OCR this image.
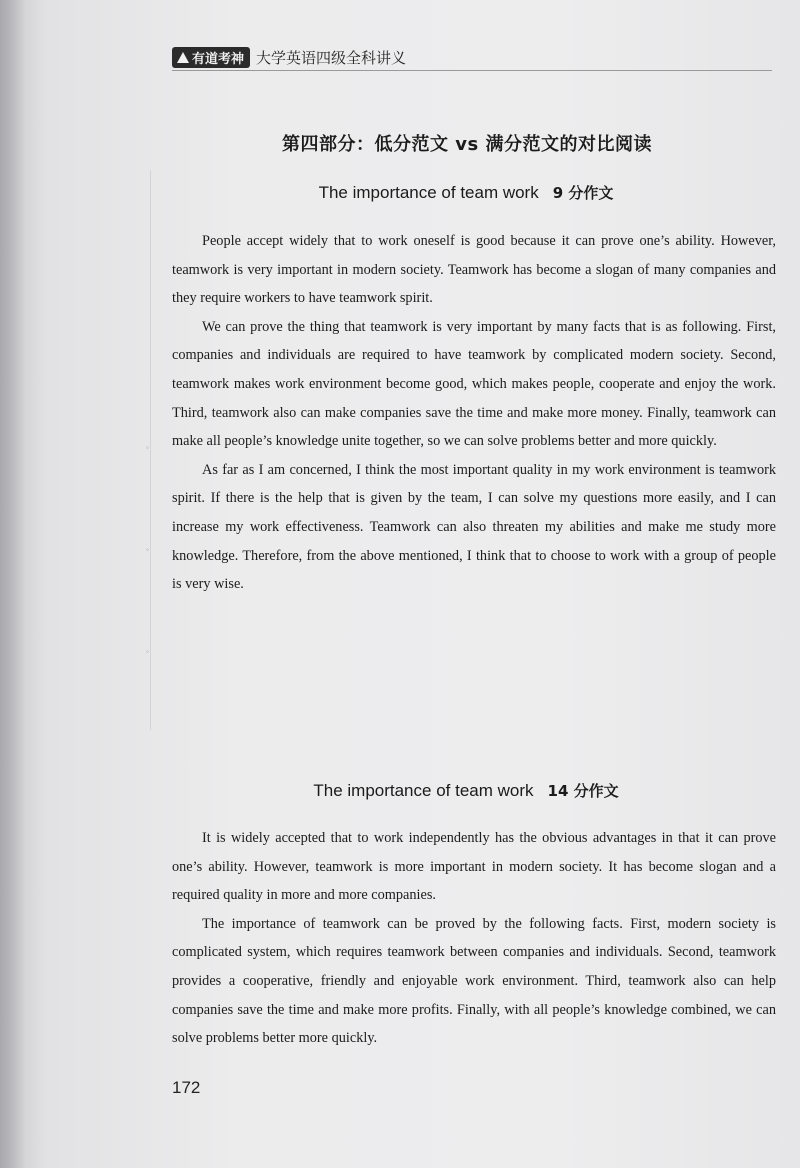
有道考神 大学英语四级全科讲义
第四部分：低分范文 vs 满分范文的对比阅读
The importance of team work 9 分作文

People accept widely that to work oneself is good because it can prove one’s ability. However, teamwork is very important in modern society. Teamwork has become a slogan of many companies and they require workers to have teamwork spirit.

We can prove the thing that teamwork is very important by many facts that is as following. First, companies and individuals are required to have teamwork by complicated modern society. Second, teamwork makes work environment become good, which makes people, cooperate and enjoy the work. Third, teamwork also can make companies save the time and make more money. Finally, teamwork can make all people’s knowledge unite together, so we can solve problems better and more quickly.

As far as I am concerned, I think the most important quality in my work environment is teamwork spirit. If there is the help that is given by the team, I can solve my questions more easily, and I can increase my work effectiveness. Teamwork can also threaten my abilities and make me study more knowledge. Therefore, from the above mentioned, I think that to choose to work with a group of people is very wise.

◦
◦
◦
The importance of team work 14 分作文

It is widely accepted that to work independently has the obvious advantages in that it can prove one’s ability. However, teamwork is more important in modern society. It has become slogan and a required quality in more and more companies.

The importance of teamwork can be proved by the following facts. First, modern society is complicated system, which requires teamwork between companies and individuals. Second, teamwork provides a cooperative, friendly and enjoyable work environment. Third, teamwork also can help companies save the time and make more profits. Finally, with all people’s knowledge combined, we can solve problems better more quickly.

172
